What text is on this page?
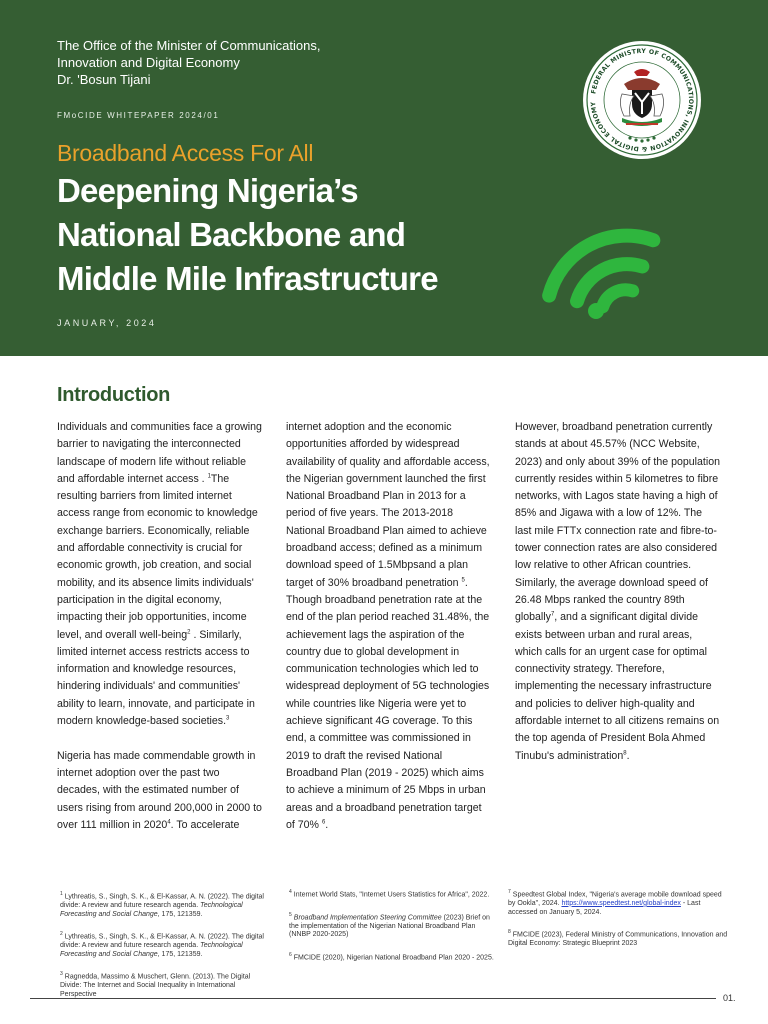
The Office of the Minister of Communications,
Innovation and Digital Economy
Dr. 'Bosun Tijani
FMoCIDE WHITEPAPER 2024/01
Broadband Access For All
Deepening Nigeria’s
National Backbone and
Middle Mile Infrastructure
JANUARY, 2024
FEDERAL MINISTRY OF COMMUNICATIONS, INNOVATION & DIGITAL ECONOMY
Introduction

Individuals and communities face a growing barrier to navigating the interconnected landscape of modern life without reliable and affordable internet access . $^1$The resulting barriers from limited internet access range from economic to knowledge exchange barriers. Economically, reliable and affordable connectivity is crucial for economic growth, job creation, and social mobility, and its absence limits individuals' participation in the digital economy, impacting their job opportunities, income level, and overall well-being$^2$ . Similarly, limited internet access restricts access to information and knowledge resources, hindering individuals' and communities' ability to learn, innovate, and participate in modern knowledge-based societies.$^3$

Nigeria has made commendable growth in internet adoption over the past two decades, with the estimated number of users rising from around 200,000 in 2000 to over 111 million in 2020$^4$. To accelerate

internet adoption and the economic opportunities afforded by widespread availability of quality and affordable access, the Nigerian government launched the first National Broadband Plan in 2013 for a period of five years. The 2013-2018 National Broadband Plan aimed to achieve broadband access; defined as a minimum download speed of 1.5Mbpsand a plan target of 30% broadband penetration $^5$. Though broadband penetration rate at the end of the plan period reached 31.48%, the achievement lags the aspiration of the country due to global development in communication technologies which led to widespread deployment of 5G technologies while countries like Nigeria were yet to achieve significant 4G coverage. To this end, a committee was commissioned in 2019 to draft the revised National Broadband Plan (2019 - 2025) which aims to achieve a minimum of 25 Mbps in urban areas and a broadband penetration target of 70% $^6$.

However, broadband penetration currently stands at about 45.57% (NCC Website, 2023) and only about 39% of the population currently resides within 5 kilometres to fibre networks, with Lagos state having a high of 85% and Jigawa with a low of 12%. The last mile FTTx connection rate and fibre-to-tower connection rates are also considered low relative to other African countries. Similarly, the average download speed of 26.48 Mbps ranked the country 89th globally$^7$, and a significant digital divide exists between urban and rural areas, which calls for an urgent case for optimal connectivity strategy. Therefore, implementing the necessary infrastructure and policies to deliver high-quality and affordable internet to all citizens remains on the top agenda of President Bola Ahmed Tinubu's administration$^8$.

$^1$ Lythreatis, S., Singh, S. K., & El-Kassar, A. N. (2022). The digital divide: A review and future research agenda. Technological Forecasting and Social Change, 175, 121359.

$^2$ Lythreatis, S., Singh, S. K., & El-Kassar, A. N. (2022). The digital divide: A review and future research agenda. Technological Forecasting and Social Change, 175, 121359.

$^3$ Ragnedda, Massimo & Muschert, Glenn. (2013). The Digital Divide: The Internet and Social Inequality in International Perspective

$^4$ Internet World Stats, "Internet Users Statistics for Africa", 2022.

$^5$ Broadband Implementation Steering Committee (2023) Brief on the implementation of the Nigerian National Broadband Plan (NNBP 2020-2025)

$^6$ FMCIDE (2020), Nigerian National Broadband Plan 2020 - 2025.

$^7$ Speedtest Global Index, "Nigeria's average mobile download speed by Ookla", 2024. https://www.speedtest.net/global-index - Last accessed on January 5, 2024.

$^8$ FMCIDE (2023), Federal Ministry of Communications, Innovation and Digital Economy: Strategic Blueprint 2023

01.
